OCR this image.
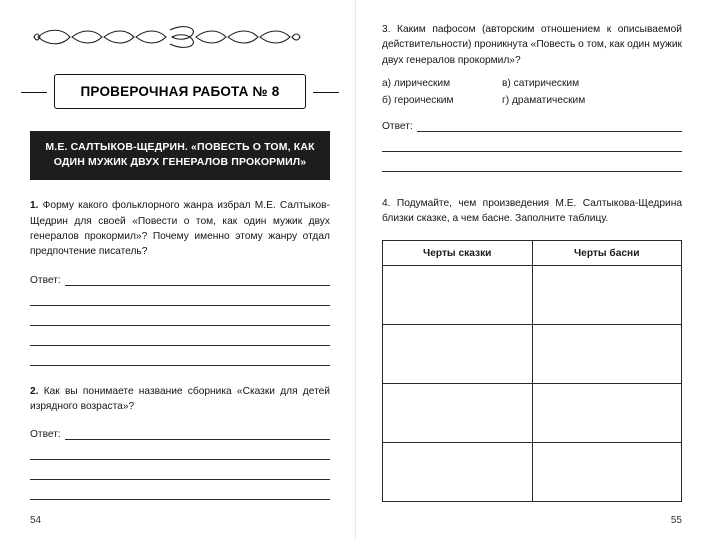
ПРОВЕРОЧНАЯ РАБОТА № 8
М.Е. САЛТЫКОВ-ЩЕДРИН. «ПОВЕСТЬ О ТОМ, КАК
ОДИН МУЖИК ДВУХ ГЕНЕРАЛОВ ПРОКОРМИЛ»
1. Форму какого фольклорного жанра избрал М.Е. Салтыков-Щедрин для своей «Повести о том, как один мужик двух генералов прокормил»? Почему именно этому жанру отдал предпочтение писатель?
Ответ:
2. Как вы понимаете название сборника «Сказки для детей изрядного возраста»?
Ответ:
54
3. Каким пафосом (авторским отношением к описываемой действительности) проникнута «Повесть о том, как один мужик двух генералов прокормил»?
а) лирическим	в) сатирическим
б) героическим	г) драматическим
Ответ:
4. Подумайте, чем произведения М.Е. Салтыкова-Щедрина близки сказке, а чем басне. Заполните таблицу.
Черты сказки	Черты басни

55
